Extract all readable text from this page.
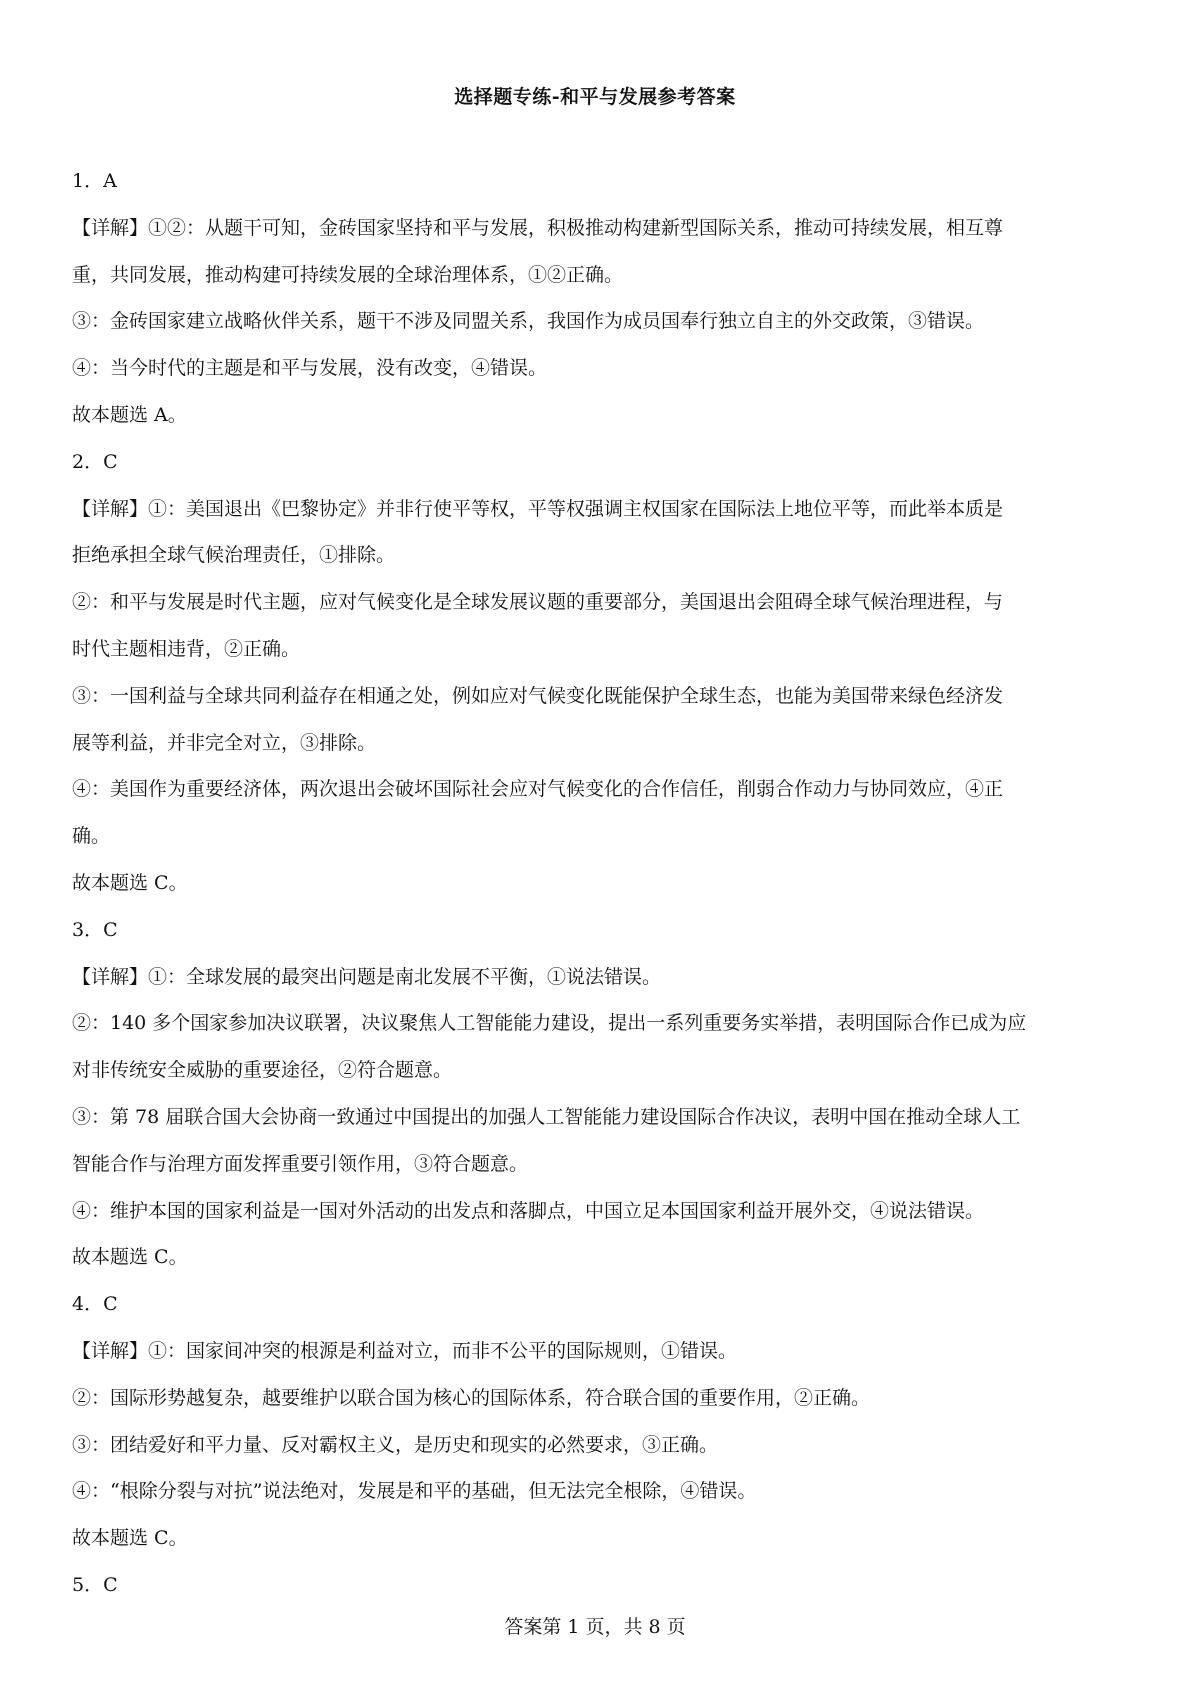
选择题专练-和平与发展参考答案

1．A

【详解】①②：从题干可知，金砖国家坚持和平与发展，积极推动构建新型国际关系，推动可持续发展，相互尊

重，共同发展，推动构建可持续发展的全球治理体系，①②正确。

③：金砖国家建立战略伙伴关系，题干不涉及同盟关系，我国作为成员国奉行独立自主的外交政策，③错误。

④：当今时代的主题是和平与发展，没有改变，④错误。

故本题选 A。

2．C

【详解】①：美国退出《巴黎协定》并非行使平等权，平等权强调主权国家在国际法上地位平等，而此举本质是

拒绝承担全球气候治理责任，①排除。

②：和平与发展是时代主题，应对气候变化是全球发展议题的重要部分，美国退出会阻碍全球气候治理进程，与

时代主题相违背，②正确。

③：一国利益与全球共同利益存在相通之处，例如应对气候变化既能保护全球生态，也能为美国带来绿色经济发

展等利益，并非完全对立，③排除。

④：美国作为重要经济体，两次退出会破坏国际社会应对气候变化的合作信任，削弱合作动力与协同效应，④正

确。

故本题选 C。

3．C

【详解】①：全球发展的最突出问题是南北发展不平衡，①说法错误。

②：140 多个国家参加决议联署，决议聚焦人工智能能力建设，提出一系列重要务实举措，表明国际合作已成为应

对非传统安全威胁的重要途径，②符合题意。

③：第 78 届联合国大会协商一致通过中国提出的加强人工智能能力建设国际合作决议，表明中国在推动全球人工

智能合作与治理方面发挥重要引领作用，③符合题意。

④：维护本国的国家利益是一国对外活动的出发点和落脚点，中国立足本国国家利益开展外交，④说法错误。

故本题选 C。

4．C

【详解】①：国家间冲突的根源是利益对立，而非不公平的国际规则，①错误。

②：国际形势越复杂，越要维护以联合国为核心的国际体系，符合联合国的重要作用，②正确。

③：团结爱好和平力量、反对霸权主义，是历史和现实的必然要求，③正确。

④：“根除分裂与对抗”说法绝对，发展是和平的基础，但无法完全根除，④错误。

故本题选 C。

5．C

答案第 1 页，共 8 页
